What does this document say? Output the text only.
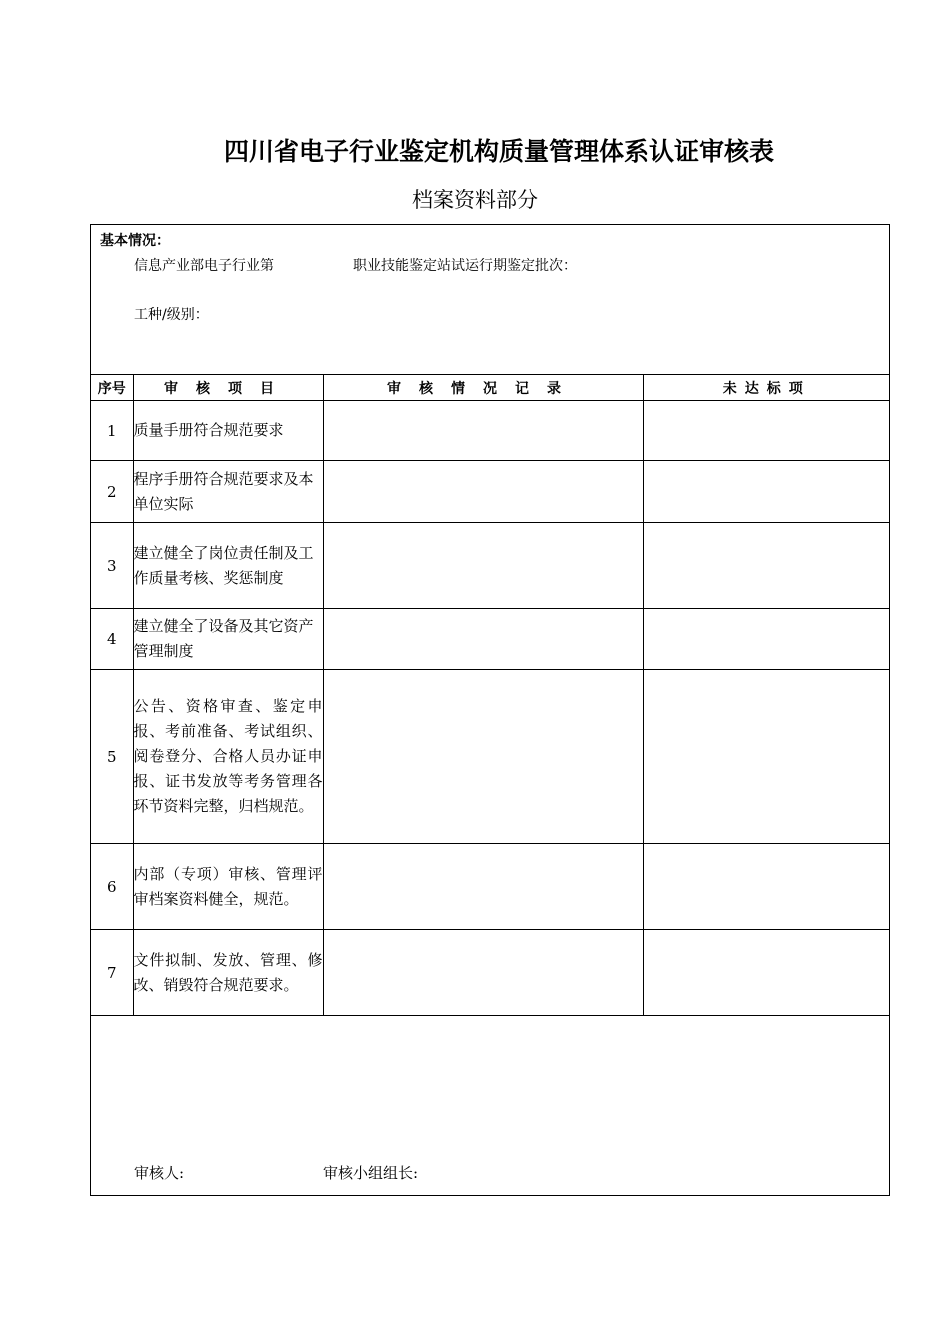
四川省电子行业鉴定机构质量管理体系认证审核表
档案资料部分
基本情况：
信息产业部电子行业第	职业技能鉴定站试运行期鉴定批次：
工种/级别：
序号	审核项目	审核情况记录	未达标项
1	质量手册符合规范要求		
2	程序手册符合规范要求及本单位实际		
3	建立健全了岗位责任制及工作质量考核、奖惩制度		
4	建立健全了设备及其它资产管理制度		
5	公告、资格审查、鉴定申报、考前准备、考试组织、阅卷登分、合格人员办证申报、证书发放等考务管理各环节资料完整，归档规范。		
6	内部（专项）审核、管理评审档案资料健全，规范。		
7	文件拟制、发放、管理、修改、销毁符合规范要求。		
审核人:	审核小组组长:
